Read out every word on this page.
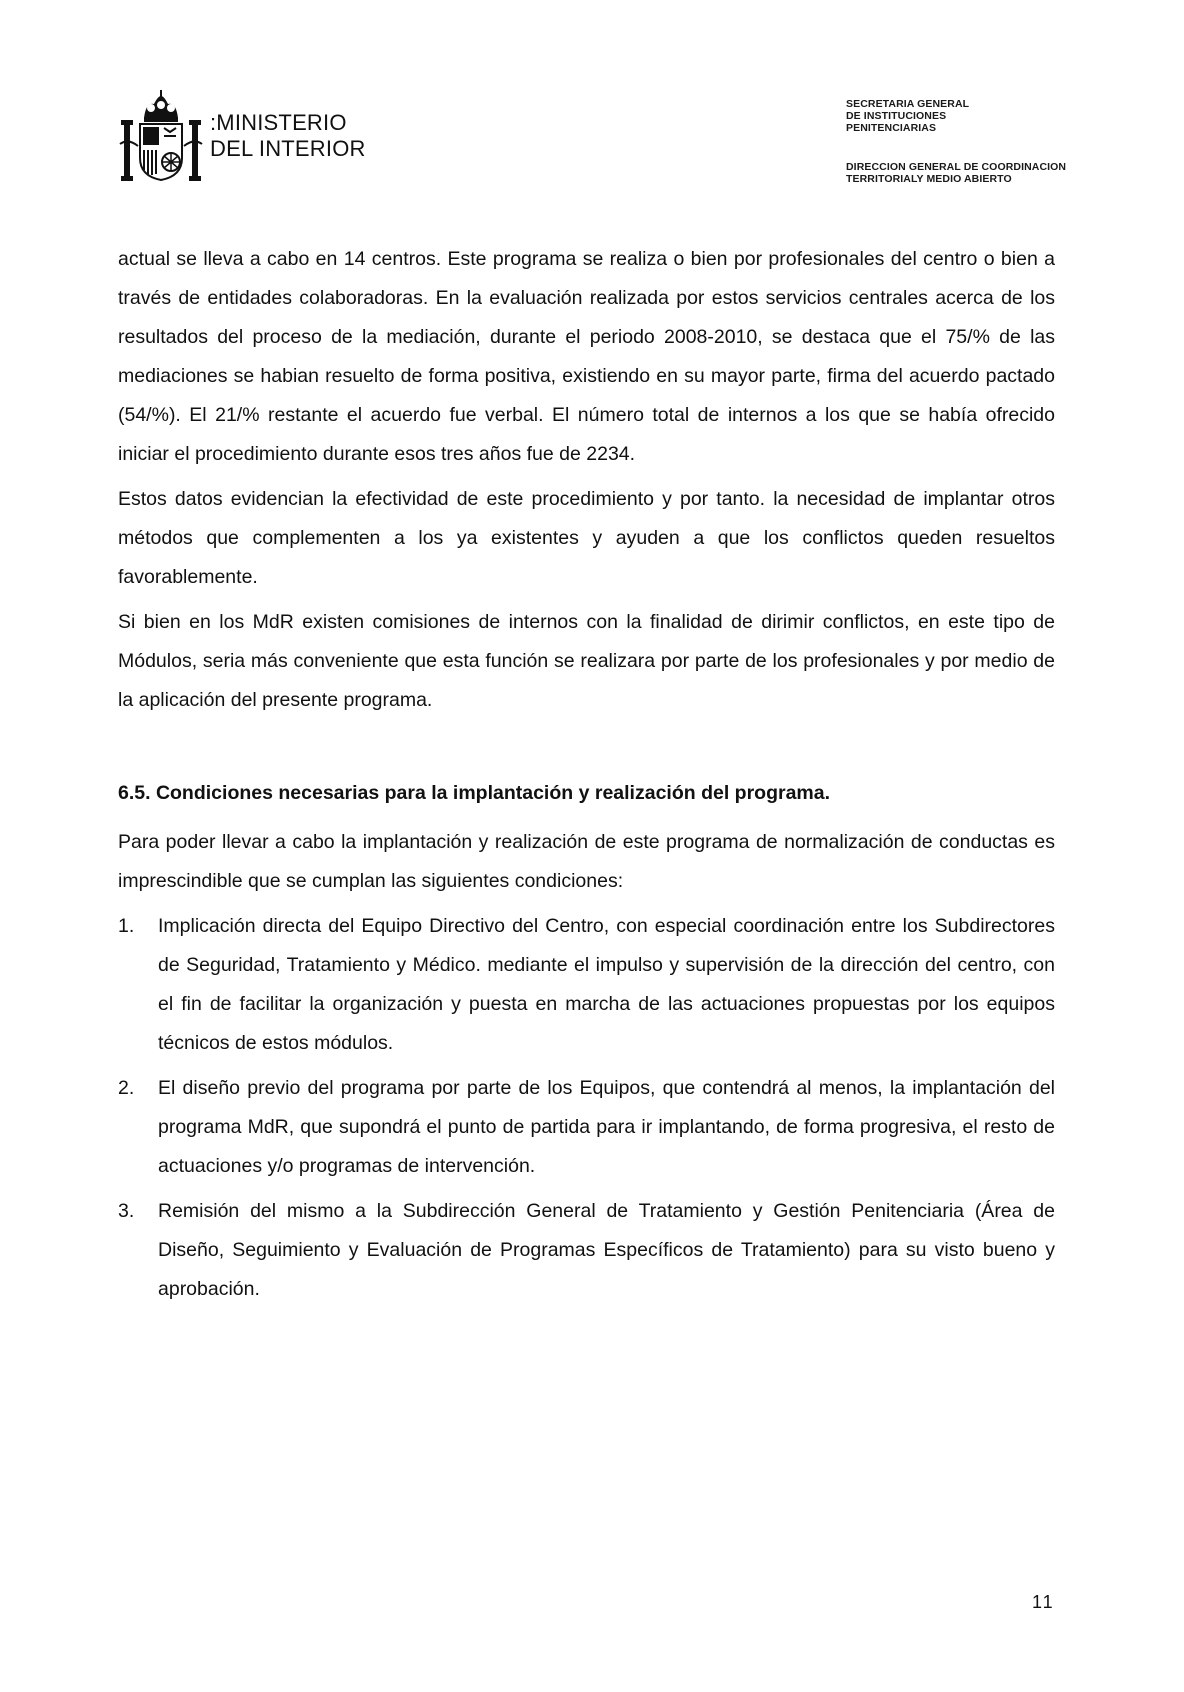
:MINISTERIO
DEL INTERIOR
SECRETARIA GENERAL
DE INSTITUCIONES
PENITENCIARIAS
DIRECCION GENERAL DE COORDINACION
TERRITORIALY MEDIO ABIERTO

actual se lleva a cabo en 14 centros. Este programa se realiza o bien por profesionales del centro o bien a través de entidades colaboradoras. En la evaluación realizada por estos servicios centrales acerca de los resultados del proceso de la mediación, durante el periodo 2008-2010, se destaca que el 75/% de las mediaciones se habian resuelto de forma positiva, existiendo en su mayor parte, firma del acuerdo pactado (54/%). El 21/% restante el acuerdo fue verbal. El número total de internos a los que se había ofrecido iniciar el procedimiento durante esos tres años fue de 2234.

Estos datos evidencian la efectividad de este procedimiento y por tanto. la necesidad de implantar otros métodos que complementen a los ya existentes y ayuden a que los conflictos queden resueltos favorablemente.

Si bien en los MdR existen comisiones de internos con la finalidad de dirimir conflictos, en este tipo de Módulos, seria más conveniente que esta función se realizara por parte de los profesionales y por medio de la aplicación del presente programa.

6.5. Condiciones necesarias para la implantación y realización del programa.

Para poder llevar a cabo la implantación y realización de este programa de normalización de conductas es imprescindible que se cumplan las siguientes condiciones:

1. Implicación directa del Equipo Directivo del Centro, con especial coordinación entre los Subdirectores de Seguridad, Tratamiento y Médico. mediante el impulso y supervisión de la dirección del centro, con el fin de facilitar la organización y puesta en marcha de las actuaciones propuestas por los equipos técnicos de estos módulos.
2. El diseño previo del programa por parte de los Equipos, que contendrá al menos, la implantación del programa MdR, que supondrá el punto de partida para ir implantando, de forma progresiva, el resto de actuaciones y/o programas de intervención.
3. Remisión del mismo a la Subdirección General de Tratamiento y Gestión Penitenciaria (Área de Diseño, Seguimiento y Evaluación de Programas Específicos de Tratamiento) para su visto bueno y aprobación.
11
